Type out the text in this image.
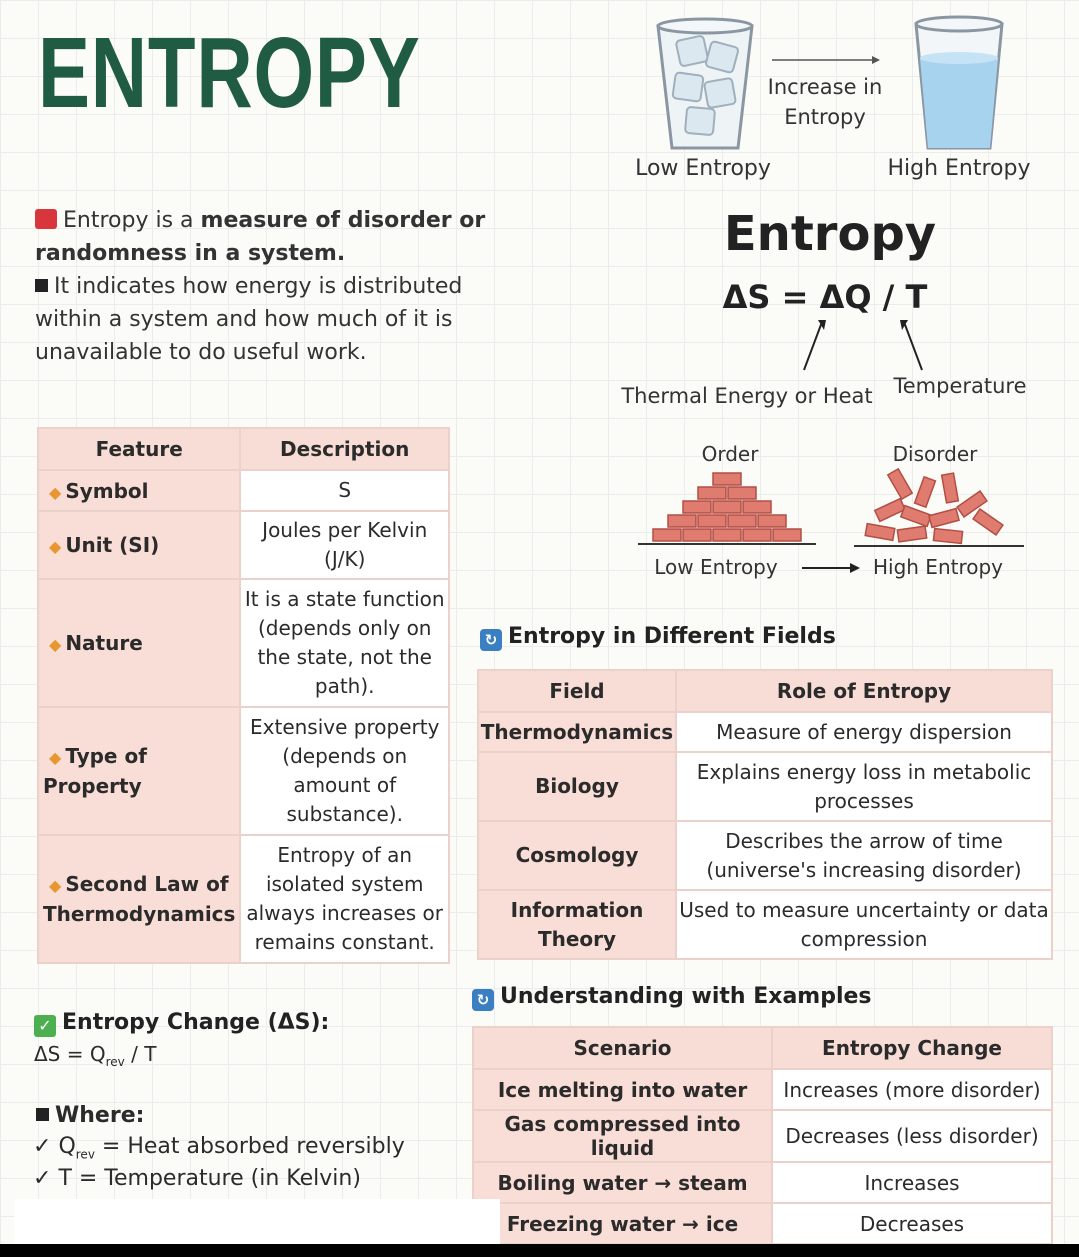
ENTROPY
Entropy is a measure of disorder or randomness in a system.
It indicates how energy is distributed within a system and how much of it is unavailable to do useful work.
Increase in Entropy
Low Entropy	High Entropy
Entropy
ΔS = ΔQ / T
Thermal Energy or Heat Temperature
Order	Disorder
Low Entropy	High Entropy
Feature	Description
◆ Symbol	S
◆ Unit (SI)	Joules per Kelvin (J/K)
◆ Nature	It is a state function (depends only on the state, not the path).
◆ Type of Property	Extensive property (depends on amount of substance).
◆ Second Law of Thermodynamics	Entropy of an isolated system always increases or remains constant.
↻ Entropy in Different Fields
Field	Role of Entropy
Thermodynamics	Measure of energy dispersion
Biology	Explains energy loss in metabolic processes
Cosmology	Describes the arrow of time (universe's increasing disorder)
Information Theory	Used to measure uncertainty or data compression
↻ Understanding with Examples
Scenario	Entropy Change
Ice melting into water	Increases (more disorder)
Gas compressed into liquid	Decreases (less disorder)
Boiling water → steam	Increases
Freezing water → ice	Decreases
✓ Entropy Change (ΔS):
$\Delta S = Q_{rev} / T$
Where:
✓ $Q_{rev}$ = Heat absorbed reversibly
✓ T = Temperature (in Kelvin)
